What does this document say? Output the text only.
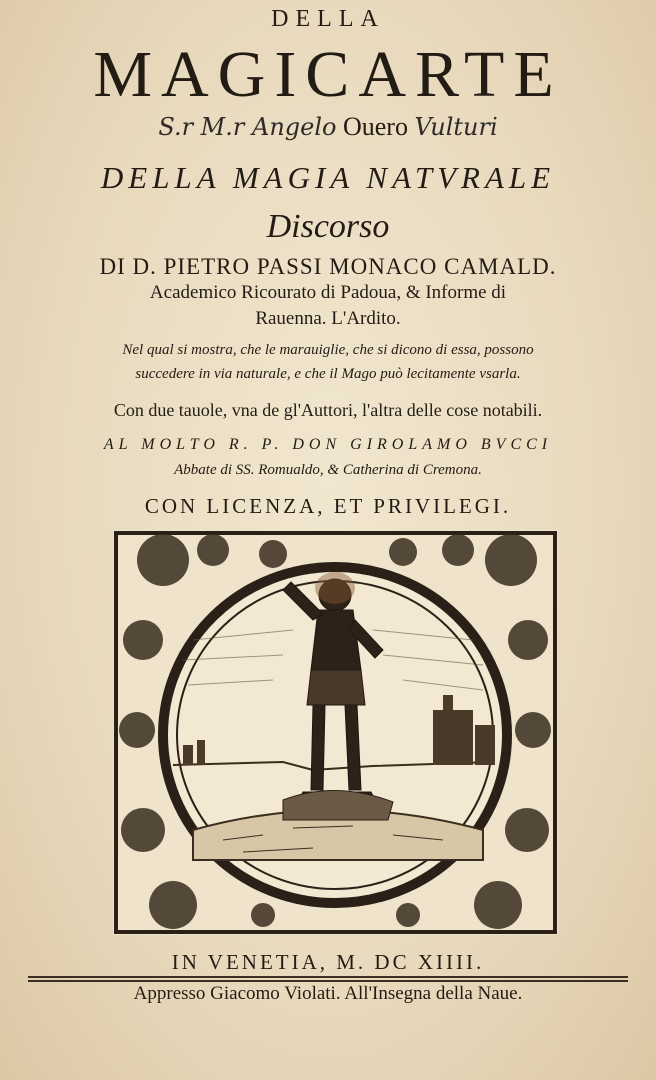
DELLA
MAGICARTE
S.r M.r Angelo Ouero Vulturi
DELLA MAGIA NATVRALE
Discorso
DI D. PIETRO PASSI MONACO CAMALD.
Academico Ricourato di Padoua, & Informe di
Rauenna. L'Ardito.
Nel qual si mostra, che le marauiglie, che si dicono di essa, possono
succedere in via naturale, e che il Mago può lecitamente vsarla.
Con due tauole, vna de gl'Auttori, l'altra delle cose notabili.
AL MOLTO R. P. DON GIROLAMO BVCCI
Abbate di SS. Romualdo, & Catherina di Cremona.
CON LICENZA, ET PRIVILEGI.
IN VENETIA, M. DC XIIII.
Appresso Giacomo Violati. All'Insegna della Naue.
